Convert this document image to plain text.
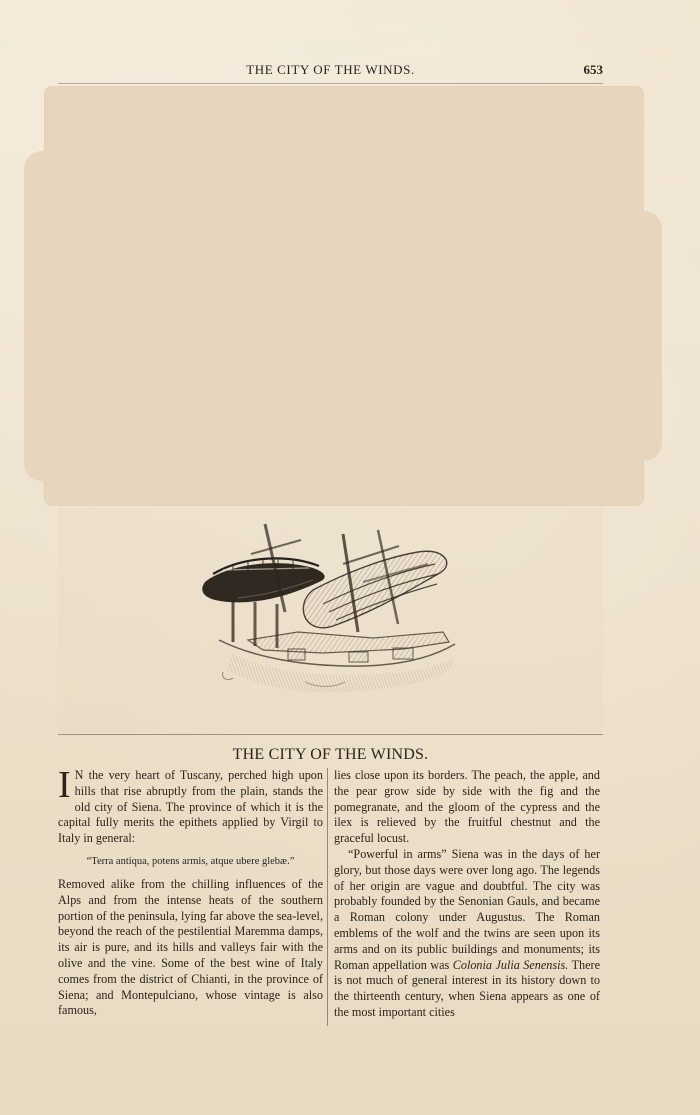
THE CITY OF THE WINDS.	653
THE CITY OF THE WINDS.

IN the very heart of Tuscany, perched high upon hills that rise abruptly from the plain, stands the old city of Siena. The province of which it is the capital fully merits the epithets applied by Virgil to Italy in general:

“Terra antiqua, potens armis, atque ubere glebæ.”

Removed alike from the chilling influences of the Alps and from the intense heats of the southern portion of the peninsula, lying far above the sea-level, beyond the reach of the pestilential Maremma damps, its air is pure, and its hills and valleys fair with the olive and the vine. Some of the best wine of Italy comes from the district of Chianti, in the province of Siena; and Montepulciano, whose vintage is also famous,

lies close upon its borders. The peach, the apple, and the pear grow side by side with the fig and the pomegranate, and the gloom of the cypress and the ilex is relieved by the fruitful chestnut and the graceful locust.

“Powerful in arms” Siena was in the days of her glory, but those days were over long ago. The legends of her origin are vague and doubtful. The city was probably founded by the Senonian Gauls, and became a Roman colony under Augustus. The Roman emblems of the wolf and the twins are seen upon its arms and on its public buildings and monuments; its Roman appellation was Colonia Julia Senensis. There is not much of general interest in its history down to the thirteenth century, when Siena appears as one of the most important cities
